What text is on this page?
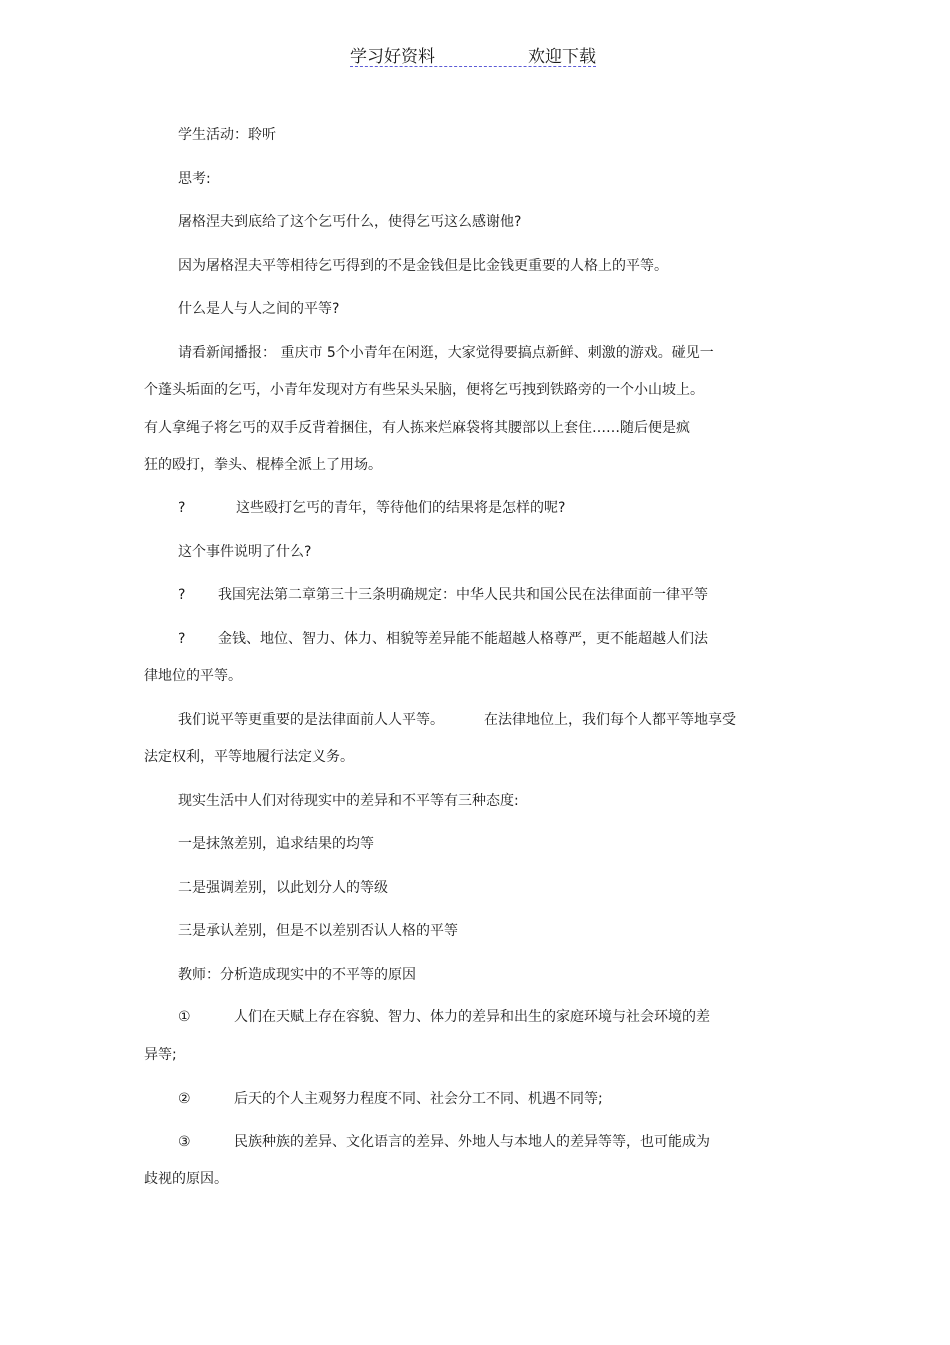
学习好资料	欢迎下载
学生活动：聆听
思考:
屠格涅夫到底给了这个乞丐什么，使得乞丐这么感谢他?
因为屠格涅夫平等相待乞丐得到的不是金钱但是比金钱更重要的人格上的平等。
什么是人与人之间的平等?
请看新闻播报： 重庆市 5个小青年在闲逛，大家觉得要搞点新鲜、刺激的游戏。碰见一
个蓬头垢面的乞丐，小青年发现对方有些呆头呆脑，便将乞丐拽到铁路旁的一个小山坡上。
有人拿绳子将乞丐的双手反背着捆住，有人拣来烂麻袋将其腰部以上套住……随后便是疯
狂的殴打，拳头、棍棒全派上了用场。
?	这些殴打乞丐的青年，等待他们的结果将是怎样的呢?
这个事件说明了什么?
? 我国宪法第二章第三十三条明确规定：中华人民共和国公民在法律面前一律平等
? 金钱、地位、智力、体力、相貌等差异能不能超越人格尊严，更不能超越人们法
律地位的平等。
我们说平等更重要的是法律面前人人平等。	在法律地位上，我们每个人都平等地享受
法定权利，平等地履行法定义务。
现实生活中人们对待现实中的差异和不平等有三种态度:
一是抹煞差别，追求结果的均等
二是强调差别，以此划分人的等级
三是承认差别，但是不以差别否认人格的平等
教师：分析造成现实中的不平等的原因
①	人们在天赋上存在容貌、智力、体力的差异和出生的家庭环境与社会环境的差
异等;
②	后天的个人主观努力程度不同、社会分工不同、机遇不同等;
③	民族种族的差异、文化语言的差异、外地人与本地人的差异等等，也可能成为
歧视的原因。
